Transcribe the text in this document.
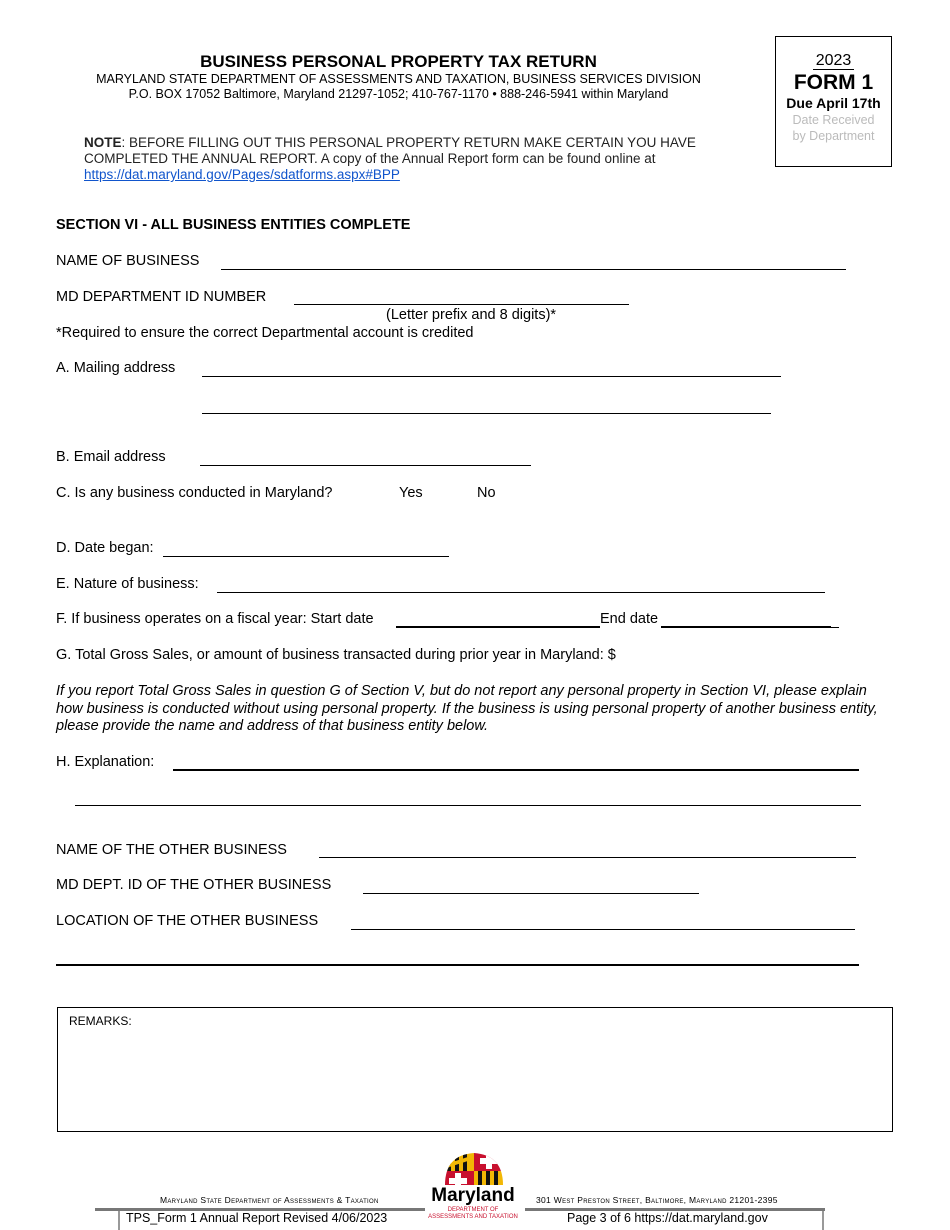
BUSINESS PERSONAL PROPERTY TAX RETURN
MARYLAND STATE DEPARTMENT OF ASSESSMENTS AND TAXATION, BUSINESS SERVICES DIVISION
P.O. BOX 17052 Baltimore, Maryland 21297-1052; 410-767-1170 • 888-246-5941 within Maryland
2023
FORM 1
Due April 17th
Date Received
by Department
NOTE: BEFORE FILLING OUT THIS PERSONAL PROPERTY RETURN MAKE CERTAIN YOU HAVE COMPLETED THE ANNUAL REPORT. A copy of the Annual Report form can be found online at
https://dat.maryland.gov/Pages/sdatforms.aspx#BPP
SECTION VI - ALL BUSINESS ENTITIES COMPLETE
NAME OF BUSINESS
MD DEPARTMENT ID NUMBER
(Letter prefix and 8 digits)*
*Required to ensure the correct Departmental account is credited
A. Mailing address
B. Email address
C. Is any business conducted in Maryland?	Yes	No
D. Date began:
E. Nature of business:
F. If business operates on a fiscal year: Start date	End date
G. Total Gross Sales, or amount of business transacted during prior year in Maryland: $
If you report Total Gross Sales in question G of Section V, but do not report any personal property in Section VI, please explain how business is conducted without using personal property. If the business is using personal property of another business entity, please provide the name and address of that business entity below.
H. Explanation:
NAME OF THE OTHER BUSINESS
MD DEPT. ID OF THE OTHER BUSINESS
LOCATION OF THE OTHER BUSINESS
REMARKS:
Maryland State Department of Assessments & Taxation	301 West Preston Street, Baltimore, Maryland 21201-2395
Maryland
DEPARTMENT OF
ASSESSMENTS AND TAXATION
TPS_Form 1 Annual Report Revised 4/06/2023	Page 3 of 6 https://dat.maryland.gov
